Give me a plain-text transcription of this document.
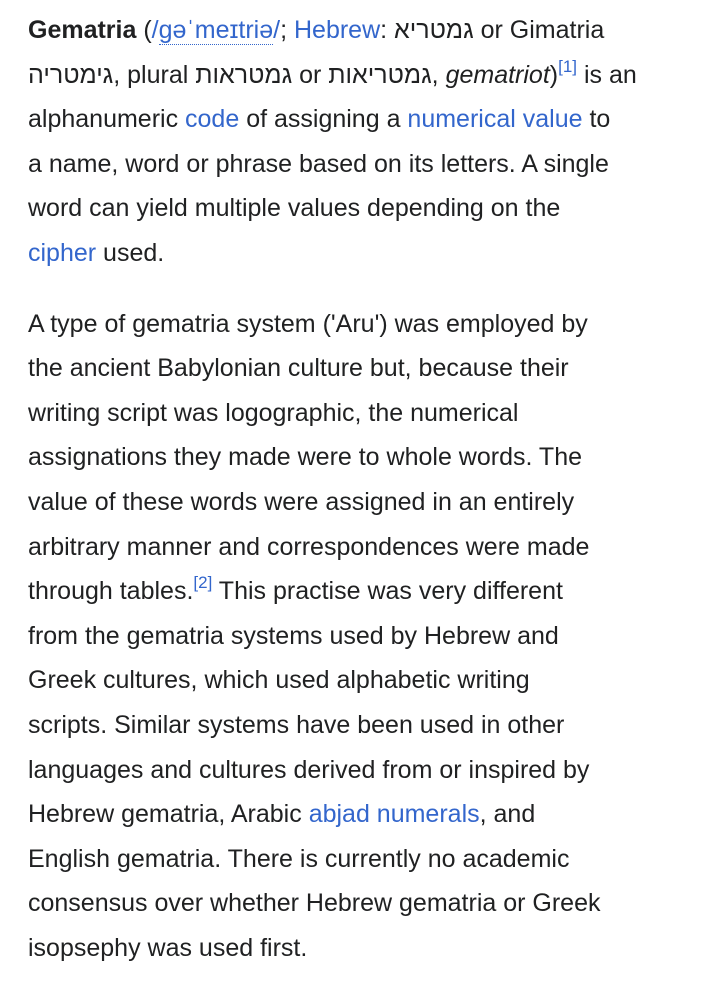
Gematria (/ɡəˈmeɪtriə/; Hebrew: גמטריא or Gimatria
גימטריה, plural גמטראות or גמטריאות, gematriot)[1] is an
alphanumeric code of assigning a numerical value to
a name, word or phrase based on its letters. A single
word can yield multiple values depending on the
cipher used.

A type of gematria system ('Aru') was employed by
the ancient Babylonian culture but, because their
writing script was logographic, the numerical
assignations they made were to whole words. The
value of these words were assigned in an entirely
arbitrary manner and correspondences were made
through tables.[2] This practise was very different
from the gematria systems used by Hebrew and
Greek cultures, which used alphabetic writing
scripts. Similar systems have been used in other
languages and cultures derived from or inspired by
Hebrew gematria, Arabic abjad numerals, and
English gematria. There is currently no academic
consensus over whether Hebrew gematria or Greek
isopsephy was used first.
